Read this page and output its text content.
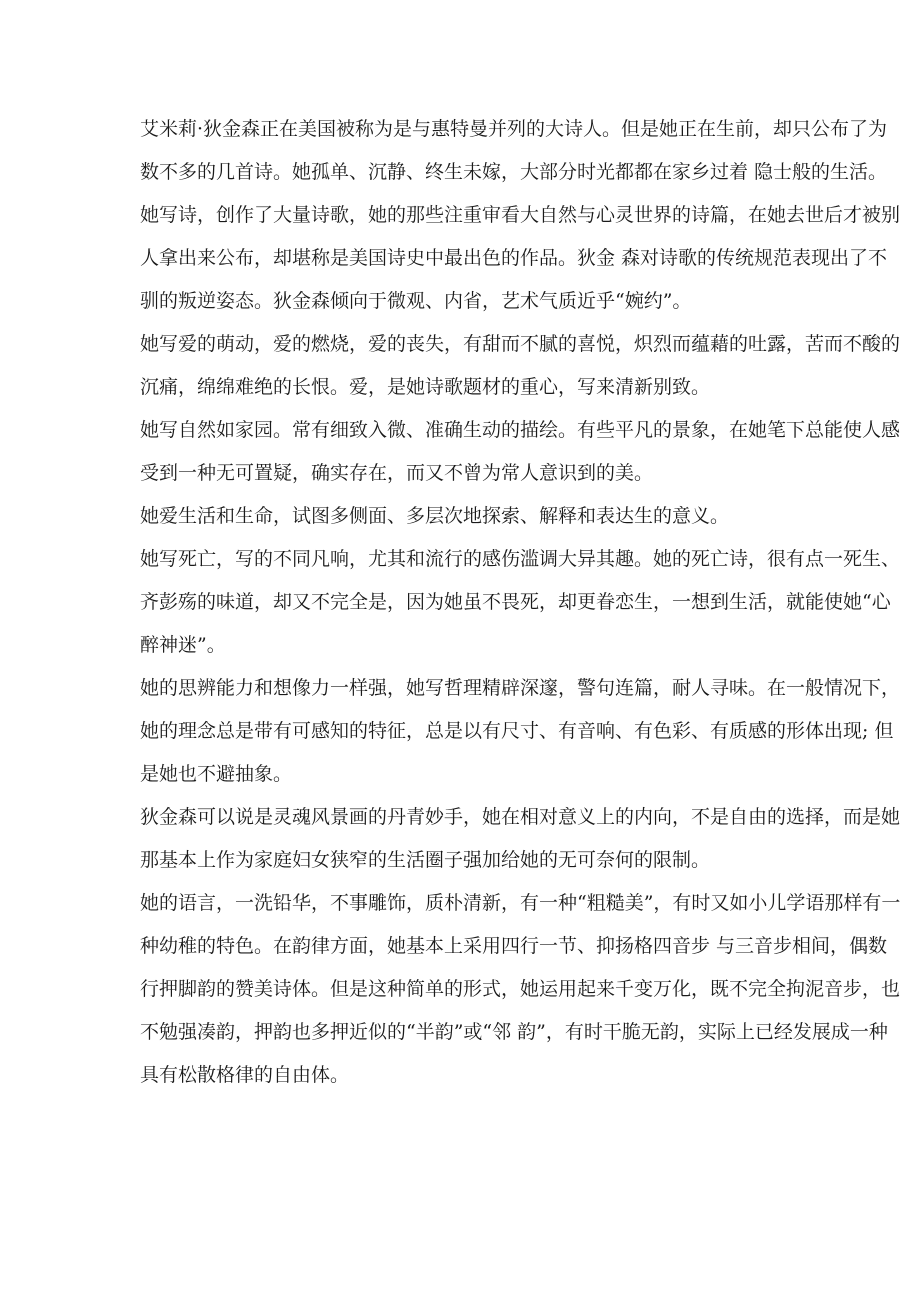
艾米莉·狄金森正在美国被称为是与惠特曼并列的大诗人。但是她正在生前，却只公布了为
数不多的几首诗。她孤单、沉静、终生未嫁，大部分时光都都在家乡过着 隐士般的生活。
她写诗，创作了大量诗歌，她的那些注重审看大自然与心灵世界的诗篇，在她去世后才被别
人拿出来公布，却堪称是美国诗史中最出色的作品。狄金 森对诗歌的传统规范表现出了不
驯的叛逆姿态。狄金森倾向于微观、内省，艺术气质近乎“婉约”。
她写爱的萌动，爱的燃烧，爱的丧失，有甜而不腻的喜悦，炽烈而蕴藉的吐露，苦而不酸的
沉痛，绵绵难绝的长恨。爱，是她诗歌题材的重心，写来清新别致。
她写自然如家园。常有细致入微、准确生动的描绘。有些平凡的景象，在她笔下总能使人感
受到一种无可置疑，确实存在，而又不曾为常人意识到的美。
她爱生活和生命，试图多侧面、多层次地探索、解释和表达生的意义。
她写死亡，写的不同凡响，尤其和流行的感伤滥调大异其趣。她的死亡诗，很有点一死生、
齐彭殇的味道，却又不完全是，因为她虽不畏死，却更眷恋生，一想到生活，就能使她“心
醉神迷”。
她的思辨能力和想像力一样强，她写哲理精辟深邃，警句连篇，耐人寻味。在一般情况下，
她的理念总是带有可感知的特征，总是以有尺寸、有音响、有色彩、有质感的形体出现; 但
是她也不避抽象。
狄金森可以说是灵魂风景画的丹青妙手，她在相对意义上的内向，不是自由的选择，而是她
那基本上作为家庭妇女狭窄的生活圈子强加给她的无可奈何的限制。
她的语言，一洗铅华，不事雕饰，质朴清新，有一种“粗糙美”，有时又如小儿学语那样有一
种幼稚的特色。在韵律方面，她基本上采用四行一节、抑扬格四音步 与三音步相间，偶数
行押脚韵的赞美诗体。但是这种简单的形式，她运用起来千变万化，既不完全拘泥音步，也
不勉强凑韵，押韵也多押近似的“半韵”或“邻 韵”，有时干脆无韵，实际上已经发展成一种
具有松散格律的自由体。
